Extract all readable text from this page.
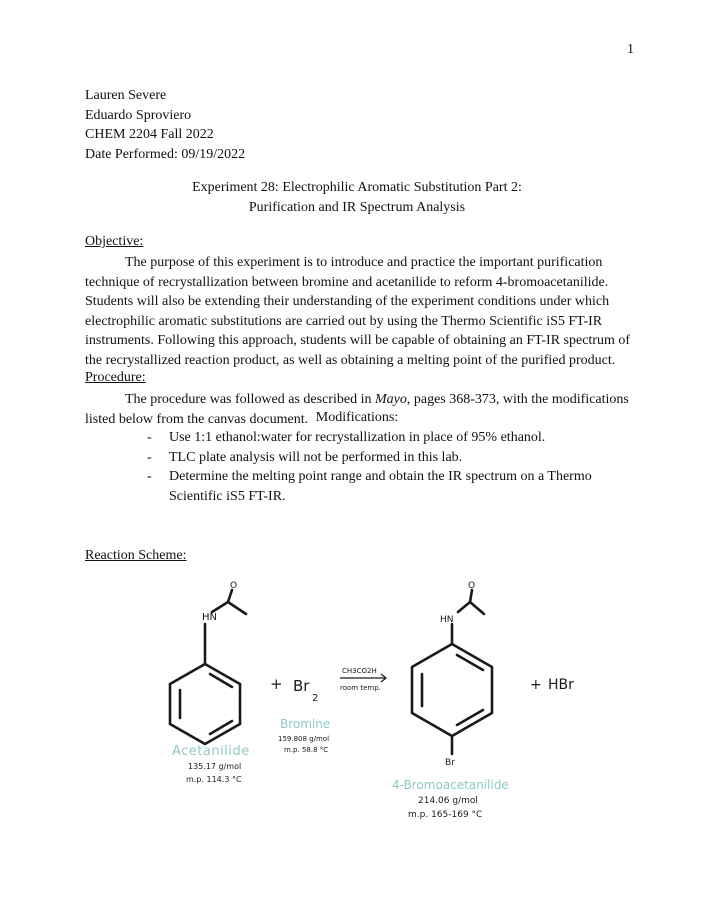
1
Lauren Severe
Eduardo Sproviero
CHEM 2204 Fall 2022
Date Performed: 09/19/2022
Experiment 28: Electrophilic Aromatic Substitution Part 2:
Purification and IR Spectrum Analysis
Objective:
The purpose of this experiment is to introduce and practice the important purification technique of recrystallization between bromine and acetanilide to reform 4-bromoacetanilide. Students will also be extending their understanding of the experiment conditions under which electrophilic aromatic substitutions are carried out by using the Thermo Scientific iS5 FT-IR instruments. Following this approach, students will be capable of obtaining an FT-IR spectrum of the recrystallized reaction product, as well as obtaining a melting point of the purified product.
Procedure:
The procedure was followed as described in Mayo, pages 368-373, with the modifications listed below from the canvas document. Modifications:
-	Use 1:1 ethanol:water for recrystallization in place of 95% ethanol.
-	TLC plate analysis will not be performed in this lab.
-	Determine the melting point range and obtain the IR spectrum on a Thermo Scientific iS5 FT-IR.
Reaction Scheme:
HN
O
Acetanilide
135.17 g/mol
m.p. 114.3 °C
+ Br
2
Bromine
159.808 g/mol
m.p. 58.8 °C
CH3CO2H
room temp.
HN
O
Br
4-Bromoacetanilide
214.06 g/mol
m.p. 165-169 °C
+ HBr
